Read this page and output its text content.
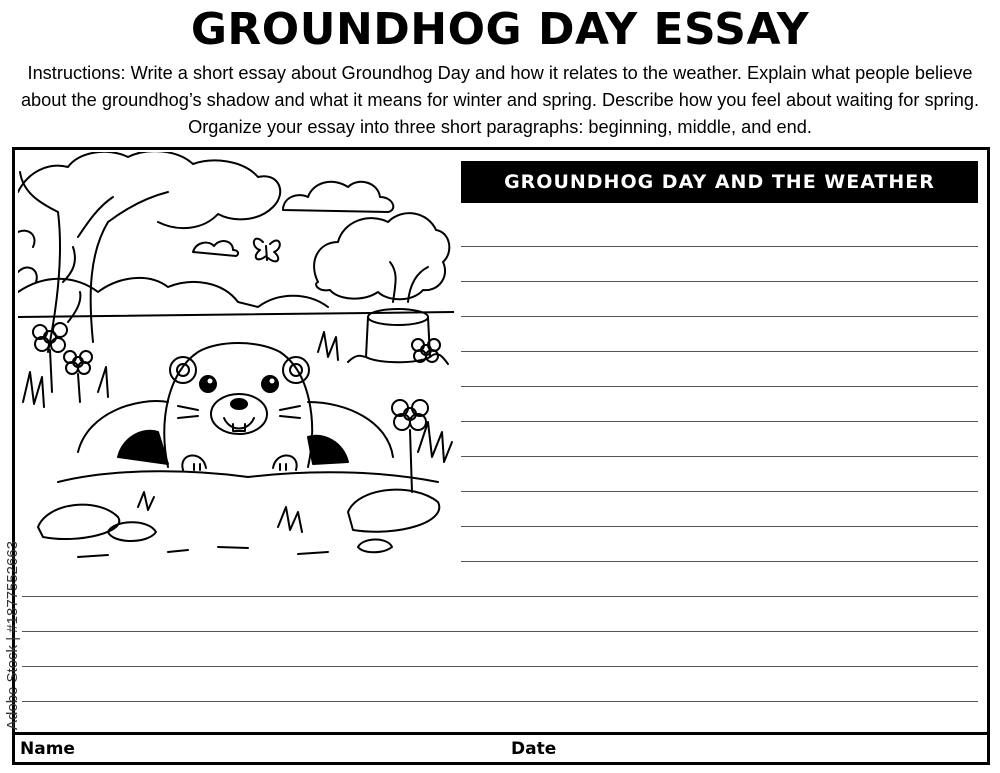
GROUNDHOG DAY ESSAY
Instructions: Write a short essay about Groundhog Day and how it relates to the weather. Explain what people believe about the groundhog’s shadow and what it means for winter and spring. Describe how you feel about waiting for spring. Organize your essay into three short paragraphs: beginning, middle, and end.
GROUNDHOG DAY AND THE WEATHER
Name	Date
Adobe Stock | #1877552663
